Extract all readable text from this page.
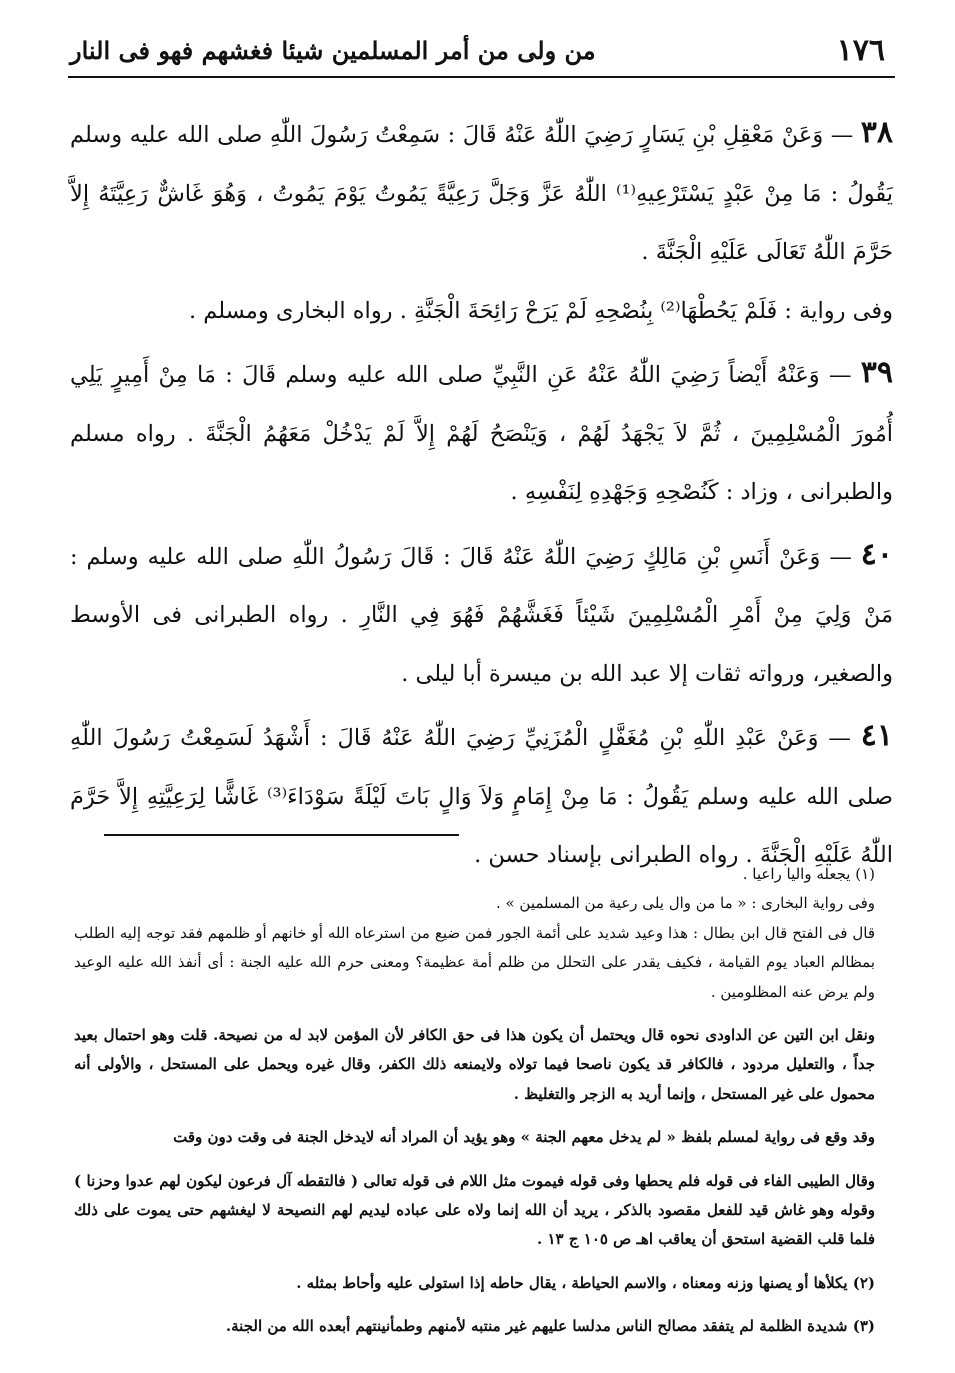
١٧٦
من ولى من أمر المسلمين شيئا فغشهم فهو فى النار

٣٨ — وَعَنْ مَعْقِلِ بْنِ يَسَارٍ رَضِيَ اللّٰهُ عَنْهُ قَالَ : سَمِعْتُ رَسُولَ اللّٰهِ صلى الله عليه وسلم يَقُولُ : مَا مِنْ عَبْدٍ يَسْتَرْعِيهِ⁽¹⁾ اللّٰهُ عَزَّ وَجَلَّ رَعِيَّةً يَمُوتُ يَوْمَ يَمُوتُ ، وَهُوَ غَاشٌّ رَعِيَّتَهُ إِلاَّ حَرَّمَ اللّٰهُ تَعَالَى عَلَيْهِ الْجَنَّةَ .

وفى رواية : فَلَمْ يَحُطْهَا⁽²⁾ بِنُصْحِهِ لَمْ يَرَحْ رَائِحَةَ الْجَنَّةِ . رواه البخارى ومسلم .

٣٩ — وَعَنْهُ أَيْضاً رَضِيَ اللّٰهُ عَنْهُ عَنِ النَّبِيِّ صلى الله عليه وسلم قَالَ : مَا مِنْ أَمِيرٍ يَلِي أُمُورَ الْمُسْلِمِينَ ، ثُمَّ لاَ يَجْهَدُ لَهُمْ ، وَيَنْصَحُ لَهُمْ إِلاَّ لَمْ يَدْخُلْ مَعَهُمُ الْجَنَّةَ . رواه مسلم والطبرانى ، وزاد : كَنُصْحِهِ وَجَهْدِهِ لِنَفْسِهِ .

٤٠ — وَعَنْ أَنَسِ بْنِ مَالِكٍ رَضِيَ اللّٰهُ عَنْهُ قَالَ : قَالَ رَسُولُ اللّٰهِ صلى الله عليه وسلم : مَنْ وَلِيَ مِنْ أَمْرِ الْمُسْلِمِينَ شَيْئاً فَغَشَّهُمْ فَهُوَ فِي النَّارِ . رواه الطبرانى فى الأوسط والصغير، ورواته ثقات إلا عبد الله بن ميسرة أبا ليلى .

٤١ — وَعَنْ عَبْدِ اللّٰهِ بْنِ مُغَفَّلٍ الْمُزَنِيِّ رَضِيَ اللّٰهُ عَنْهُ قَالَ : أَشْهَدُ لَسَمِعْتُ رَسُولَ اللّٰهِ صلى الله عليه وسلم يَقُولُ : مَا مِنْ إِمَامٍ وَلاَ وَالٍ بَاتَ لَيْلَةً سَوْدَاءَ⁽³⁾ غَاشًّا لِرَعِيَّتِهِ إِلاَّ حَرَّمَ اللّٰهُ عَلَيْهِ الْجَنَّةَ . رواه الطبرانى بإسناد حسن .

(١) يجعله واليا راعيا .

وفى رواية البخارى : « ما من وال يلى رعية من المسلمين » .

قال فى الفتح قال ابن بطال : هذا وعيد شديد على أئمة الجور فمن ضيع من استرعاه الله أو خانهم أو ظلمهم فقد توجه إليه الطلب بمظالم العباد يوم القيامة ، فكيف يقدر على التحلل من ظلم أمة عظيمة؟ ومعنى حرم الله عليه الجنة : أى أنفذ الله عليه الوعيد ولم يرض عنه المظلومين .

ونقل ابن التين عن الداودى نحوه قال ويحتمل أن يكون هذا فى حق الكافر لأن المؤمن لابد له من نصيحة. قلت وهو احتمال بعيد جداً ، والتعليل مردود ، فالكافر قد يكون ناصحا فيما تولاه ولايمنعه ذلك الكفر، وقال غيره ويحمل على المستحل ، والأولى أنه محمول على غير المستحل ، وإنما أريد به الزجر والتغليظ .

وقد وقع فى رواية لمسلم بلفظ « لم يدخل معهم الجنة » وهو يؤيد أن المراد أنه لايدخل الجنة فى وقت دون وقت

وقال الطيبى الفاء فى قوله فلم يحطها وفى قوله فيموت مثل اللام فى قوله تعالى ( فالتقطه آل فرعون ليكون لهم عدوا وحزنا ) وقوله وهو غاش قيد للفعل مقصود بالذكر ، يريد أن الله إنما ولاه على عباده ليديم لهم النصيحة لا ليغشهم حتى يموت على ذلك فلما قلب القضية استحق أن يعاقب اهـ ص ١٠٥ ج ١٣ .

(٢) يكلأها أو يصنها وزنه ومعناه ، والاسم الحياطة ، يقال حاطه إذا استولى عليه وأحاط بمثله .

(٣) شديدة الظلمة لم يتفقد مصالح الناس مدلسا عليهم غير منتبه لأمنهم وطمأنينتهم أبعده الله من الجنة.
